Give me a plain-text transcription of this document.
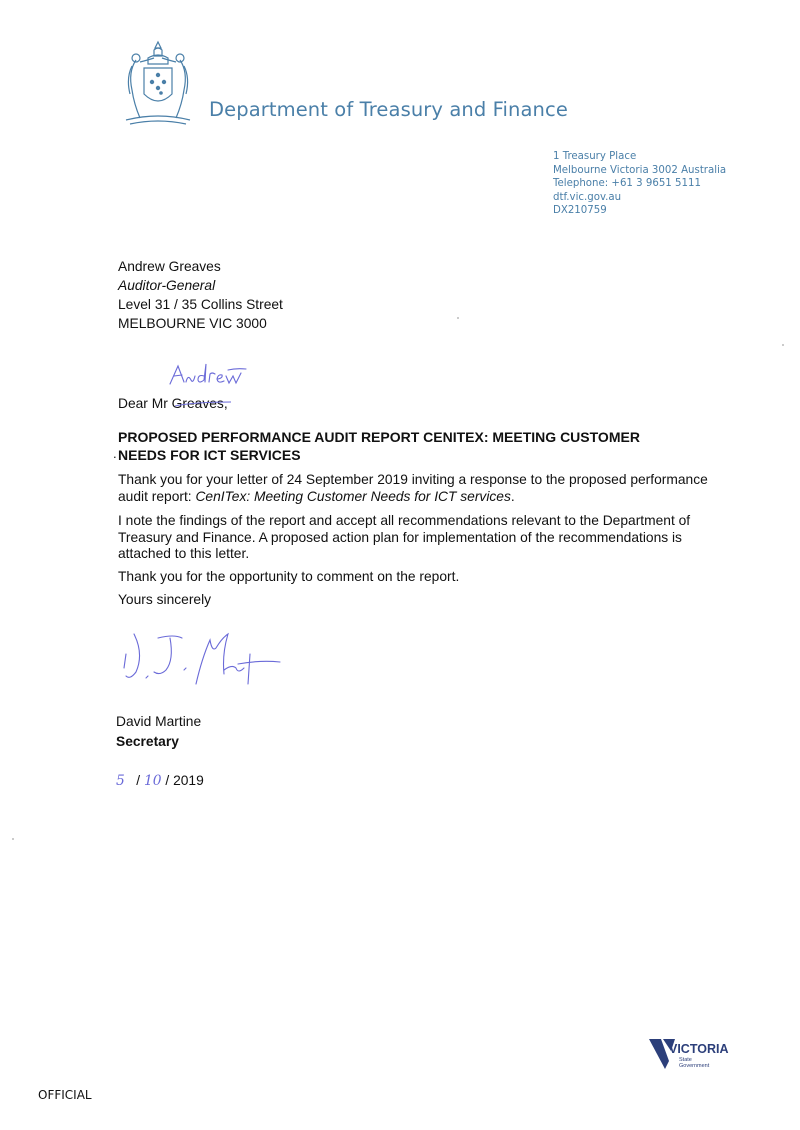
Department of Treasury and Finance
1 Treasury Place
Melbourne Victoria 3002 Australia
Telephone: +61 3 9651 5111
dtf.vic.gov.au
DX210759
Andrew Greaves
Auditor-General
Level 31 / 35 Collins Street
MELBOURNE VIC 3000
Dear Mr Greaves,
.
PROPOSED PERFORMANCE AUDIT REPORT CENITEX: MEETING CUSTOMER
NEEDS FOR ICT SERVICES
Thank you for your letter of 24 September 2019 inviting a response to the proposed performance audit report: CenITex: Meeting Customer Needs for ICT services.
I note the findings of the report and accept all recommendations relevant to the Department of Treasury and Finance. A proposed action plan for implementation of the recommendations is attached to this letter.
Thank you for the opportunity to comment on the report.
Yours sincerely
David Martine
Secretary
5 / 10 / 2019
VICTORIA
State
Government
OFFICIAL
